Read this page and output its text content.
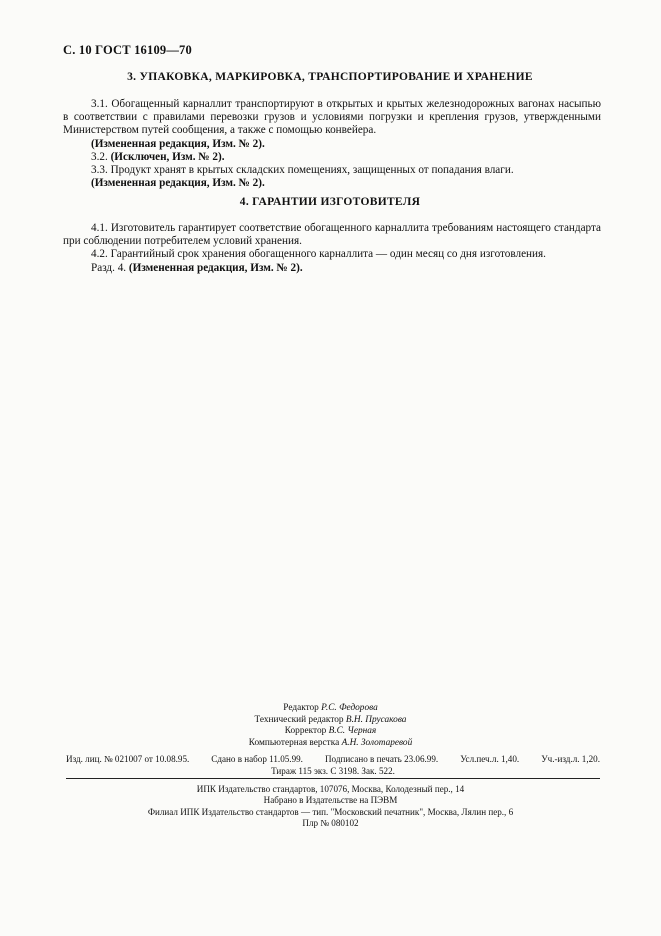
С. 10 ГОСТ 16109—70
3. УПАКОВКА, МАРКИРОВКА, ТРАНСПОРТИРОВАНИЕ И ХРАНЕНИЕ

3.1. Обогащенный карналлит транспортируют в открытых и крытых железнодорожных вагонах насыпью в соответствии с правилами перевозки грузов и условиями погрузки и крепления грузов, утвержденными Министерством путей сообщения, а также с помощью конвейера.

(Измененная редакция, Изм. № 2).

3.2. (Исключен, Изм. № 2).

3.3. Продукт хранят в крытых складских помещениях, защищенных от попадания влаги.

(Измененная редакция, Изм. № 2).

4. ГАРАНТИИ ИЗГОТОВИТЕЛЯ

4.1. Изготовитель гарантирует соответствие обогащенного карналлита требованиям настоящего стандарта при соблюдении потребителем условий хранения.

4.2. Гарантийный срок хранения обогащенного карналлита — один месяц со дня изготовления.

Разд. 4. (Измененная редакция, Изм. № 2).

Редактор Р.С. Федорова
Технический редактор В.Н. Прусакова
Корректор В.С. Черная
Компьютерная верстка А.Н. Золотаревой
Изд. лиц. № 021007 от 10.08.95. Сдано в набор 11.05.99. Подписано в печать 23.06.99. Усл.печ.л. 1,40. Уч.-изд.л. 1,20.
Тираж 115 экз. С 3198. Зак. 522.
ИПК Издательство стандартов, 107076, Москва, Колодезный пер., 14
Набрано в Издательстве на ПЭВМ
Филиал ИПК Издательство стандартов — тип. "Московский печатник", Москва, Лялин пер., 6
Плр № 080102
